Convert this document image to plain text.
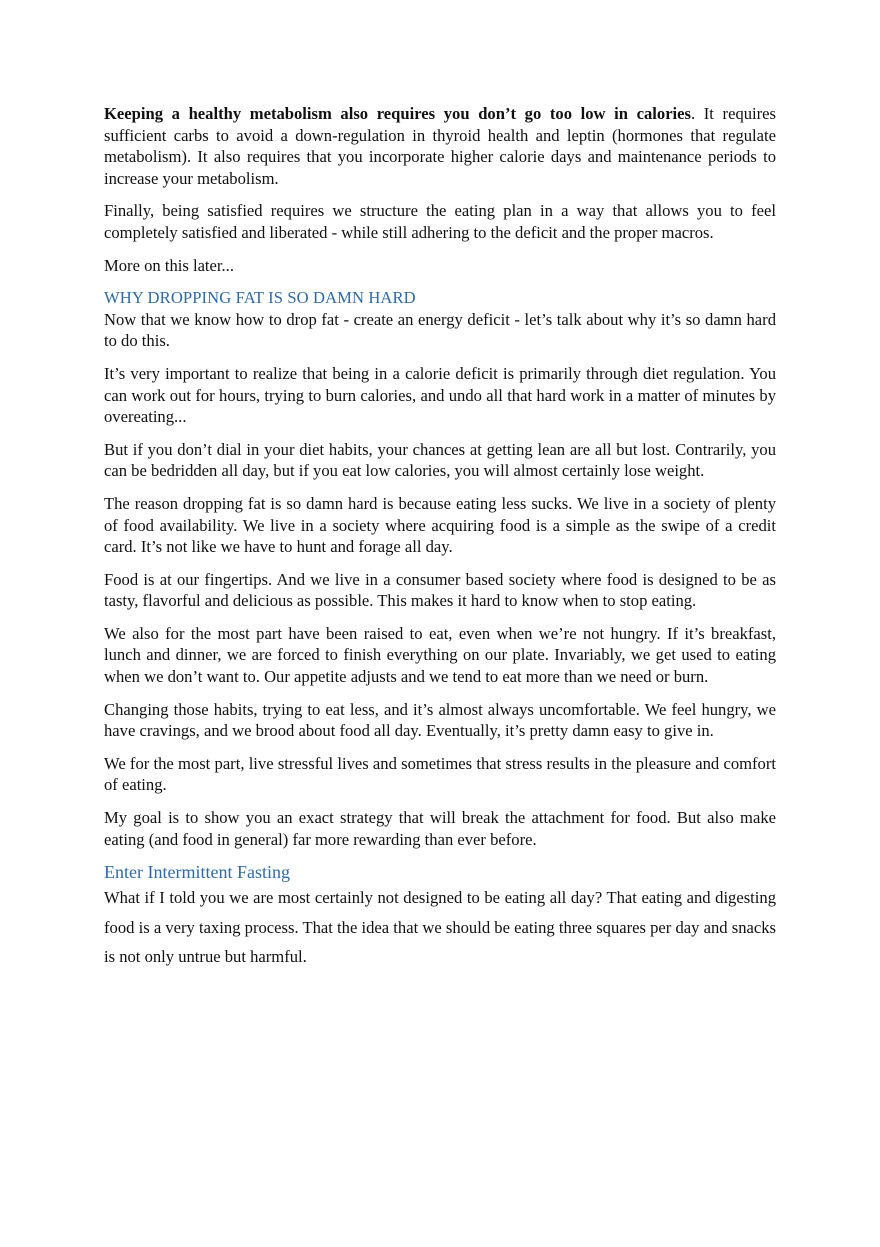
Keeping a healthy metabolism also requires you don’t go too low in calories. It requires sufficient carbs to avoid a down-regulation in thyroid health and leptin (hormones that regulate metabolism). It also requires that you incorporate higher calorie days and maintenance periods to increase your metabolism.

Finally, being satisfied requires we structure the eating plan in a way that allows you to feel completely satisfied and liberated - while still adhering to the deficit and the proper macros.

More on this later...

WHY DROPPING FAT IS SO DAMN HARD

Now that we know how to drop fat - create an energy deficit - let’s talk about why it’s so damn hard to do this.

It’s very important to realize that being in a calorie deficit is primarily through diet regulation. You can work out for hours, trying to burn calories, and undo all that hard work in a matter of minutes by overeating...

But if you don’t dial in your diet habits, your chances at getting lean are all but lost. Contrarily, you can be bedridden all day, but if you eat low calories, you will almost certainly lose weight.

The reason dropping fat is so damn hard is because eating less sucks. We live in a society of plenty of food availability. We live in a society where acquiring food is a simple as the swipe of a credit card. It’s not like we have to hunt and forage all day.

Food is at our fingertips. And we live in a consumer based society where food is designed to be as tasty, flavorful and delicious as possible. This makes it hard to know when to stop eating.

We also for the most part have been raised to eat, even when we’re not hungry. If it’s breakfast, lunch and dinner, we are forced to finish everything on our plate. Invariably, we get used to eating when we don’t want to. Our appetite adjusts and we tend to eat more than we need or burn.

Changing those habits, trying to eat less, and it’s almost always uncomfortable. We feel hungry, we have cravings, and we brood about food all day. Eventually, it’s pretty damn easy to give in.

We for the most part, live stressful lives and sometimes that stress results in the pleasure and comfort of eating.

My goal is to show you an exact strategy that will break the attachment for food. But also make eating (and food in general) far more rewarding than ever before.

Enter Intermittent Fasting

What if I told you we are most certainly not designed to be eating all day? That eating and digesting food is a very taxing process. That the idea that we should be eating three squares per day and snacks is not only untrue but harmful.
